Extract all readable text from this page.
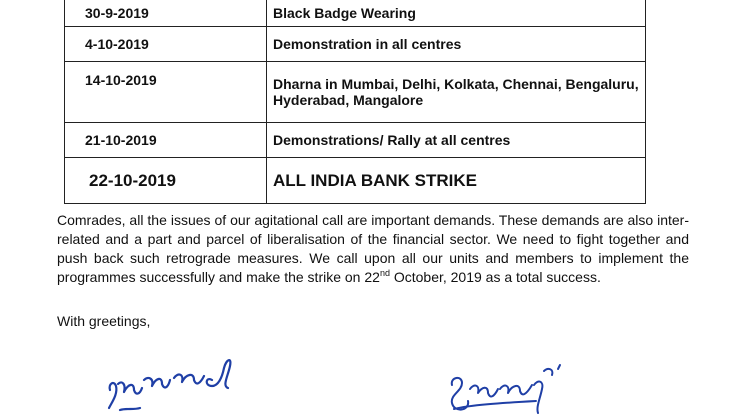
30-9-2019	Black Badge Wearing
4-10-2019	Demonstration in all centres
14-10-2019	Dharna in Mumbai, Delhi, Kolkata, Chennai, Bengaluru, Hyderabad, Mangalore
21-10-2019	Demonstrations/ Rally at all centres
22-10-2019	ALL INDIA BANK STRIKE

Comrades, all the issues of our agitational call are important demands. These demands are also inter-related and a part and parcel of liberalisation of the financial sector. We need to fight together and push back such retrograde measures. We call upon all our units and members to implement the programmes successfully and make the strike on 22nd October, 2019 as a total success.

With greetings,
